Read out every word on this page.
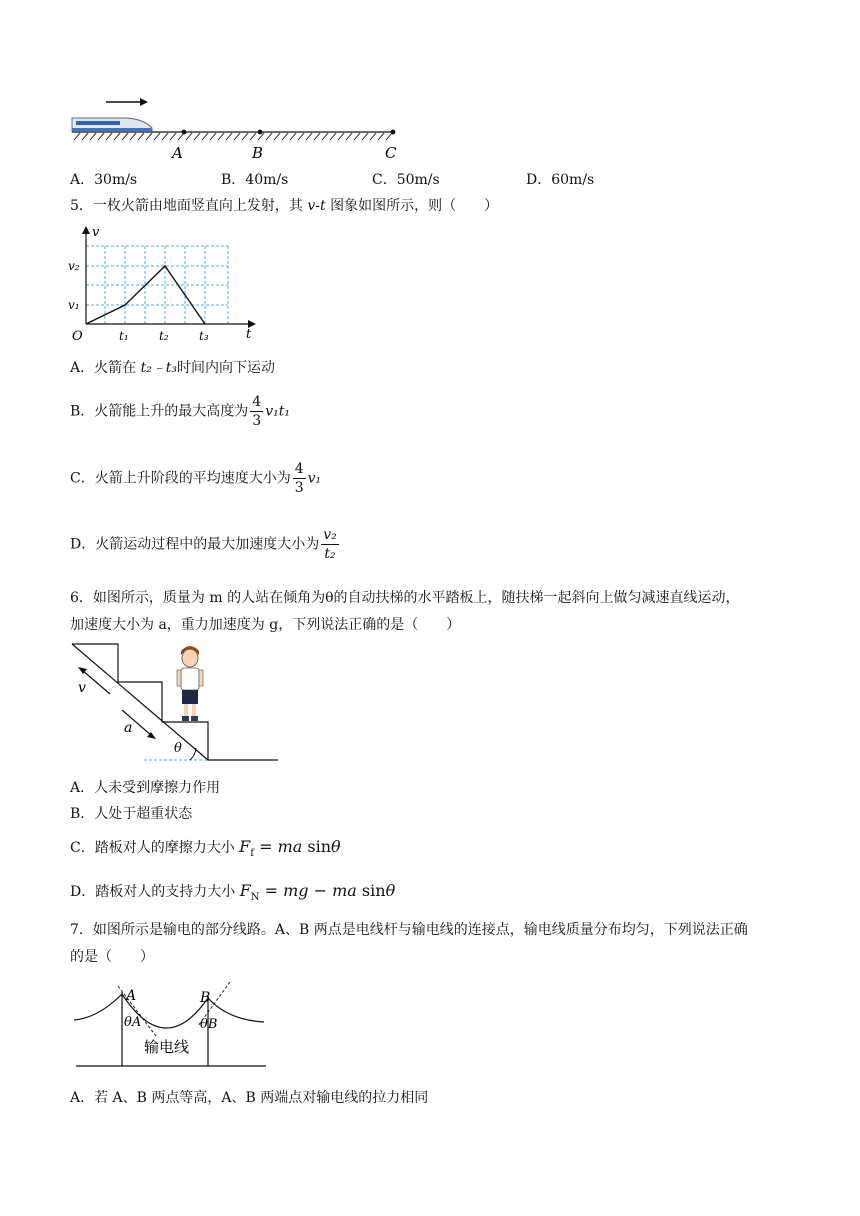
A	B	C
A．30m/s	B．40m/s	C．50m/s	D．60m/s
5．一枚火箭由地面竖直向上发射，其 v-t 图象如图所示，则（　　）
v
t
O
v₂
v₁
t₁	t₂	t₃
A．火箭在 t₂﹣t₃时间内向下运动
B．火箭能上升的最大高度为 $\frac{4}{3} v_1t_1$
C．火箭上升阶段的平均速度大小为 $\frac{4}{3} v_1$
D．火箭运动过程中的最大加速度大小为 $\frac{\text{v₂}}{\text{t₂}}$
6．如图所示，质量为 m 的人站在倾角为θ的自动扶梯的水平踏板上，随扶梯一起斜向上做匀减速直线运动，
加速度大小为 a，重力加速度为 g，下列说法正确的是（　　）
v
a
θ
A．人未受到摩擦力作用
B．人处于超重状态
C．踏板对人的摩擦力大小 $F_f$ = ma sinθ
D．踏板对人的支持力大小 $F_N$ = mg − ma sinθ
7．如图所示是输电的部分线路。A、B 两点是电线杆与输电线的连接点，输电线质量分布均匀，下列说法正确
的是（　　）
A	B
θA	θB
输电线
A．若 A、B 两点等高，A、B 两端点对输电线的拉力相同
